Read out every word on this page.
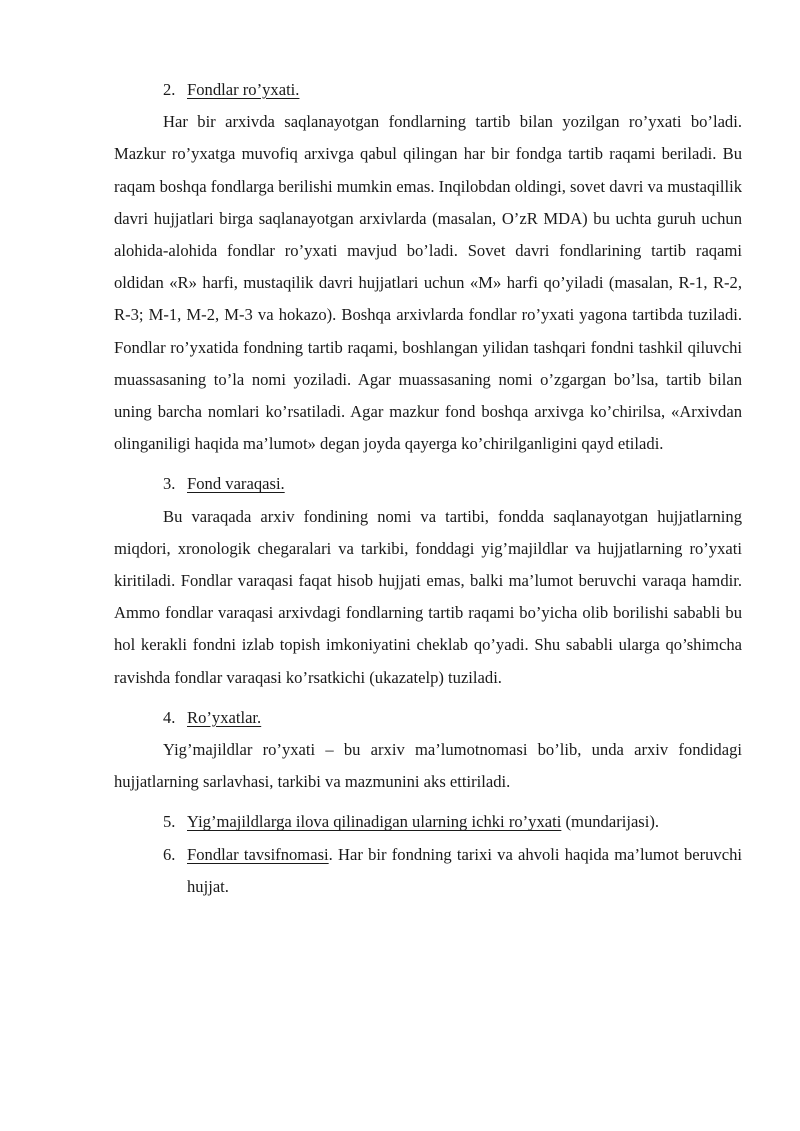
2. Fondlar ro’yxati.

Har bir arxivda saqlanayotgan fondlarning tartib bilan yozilgan ro’yxati bo’ladi. Mazkur ro’yxatga muvofiq arxivga qabul qilingan har bir fondga tartib raqami beriladi. Bu raqam boshqa fondlarga berilishi mumkin emas. Inqilobdan oldingi, sovet davri va mustaqillik davri hujjatlari birga saqlanayotgan arxivlarda (masalan, O’zR MDA) bu uchta guruh uchun alohida-alohida fondlar ro’yxati mavjud bo’ladi. Sovet davri fondlarining tartib raqami oldidan «R» harfi, mustaqilik davri hujjatlari uchun «M» harfi qo’yiladi (masalan, R-1, R-2, R-3; M-1, M-2, M-3 va hokazo). Boshqa arxivlarda fondlar ro’yxati yagona tartibda tuziladi. Fondlar ro’yxatida fondning tartib raqami, boshlangan yilidan tashqari fondni tashkil qiluvchi muassasaning to’la nomi yoziladi. Agar muassasaning nomi o’zgargan bo’lsa, tartib bilan uning barcha nomlari ko’rsatiladi. Agar mazkur fond boshqa arxivga ko’chirilsa, «Arxivdan olinganiligi haqida ma’lumot» degan joyda qayerga ko’chirilganligini qayd etiladi.

3. Fond varaqasi.

Bu varaqada arxiv fondining nomi va tartibi, fondda saqlanayotgan hujjatlarning miqdori, xronologik chegaralari va tarkibi, fonddagi yig’majildlar va hujjatlarning ro’yxati kiritiladi. Fondlar varaqasi faqat hisob hujjati emas, balki ma’lumot beruvchi varaqa hamdir. Ammo fondlar varaqasi arxivdagi fondlarning tartib raqami bo’yicha olib borilishi sababli bu hol kerakli fondni izlab topish imkoniyatini cheklab qo’yadi. Shu sababli ularga qo’shimcha ravishda fondlar varaqasi ko’rsatkichi (ukazatelp) tuziladi.

4. Ro’yxatlar.

Yig’majildlar ro’yxati – bu arxiv ma’lumotnomasi bo’lib, unda arxiv fondidagi hujjatlarning sarlavhasi, tarkibi va mazmunini aks ettiriladi.

5. Yig’majildlarga ilova qilinadigan ularning ichki ro’yxati (mundarijasi).
6. Fondlar tavsifnomasi. Har bir fondning tarixi va ahvoli haqida ma’lumot beruvchi hujjat.
